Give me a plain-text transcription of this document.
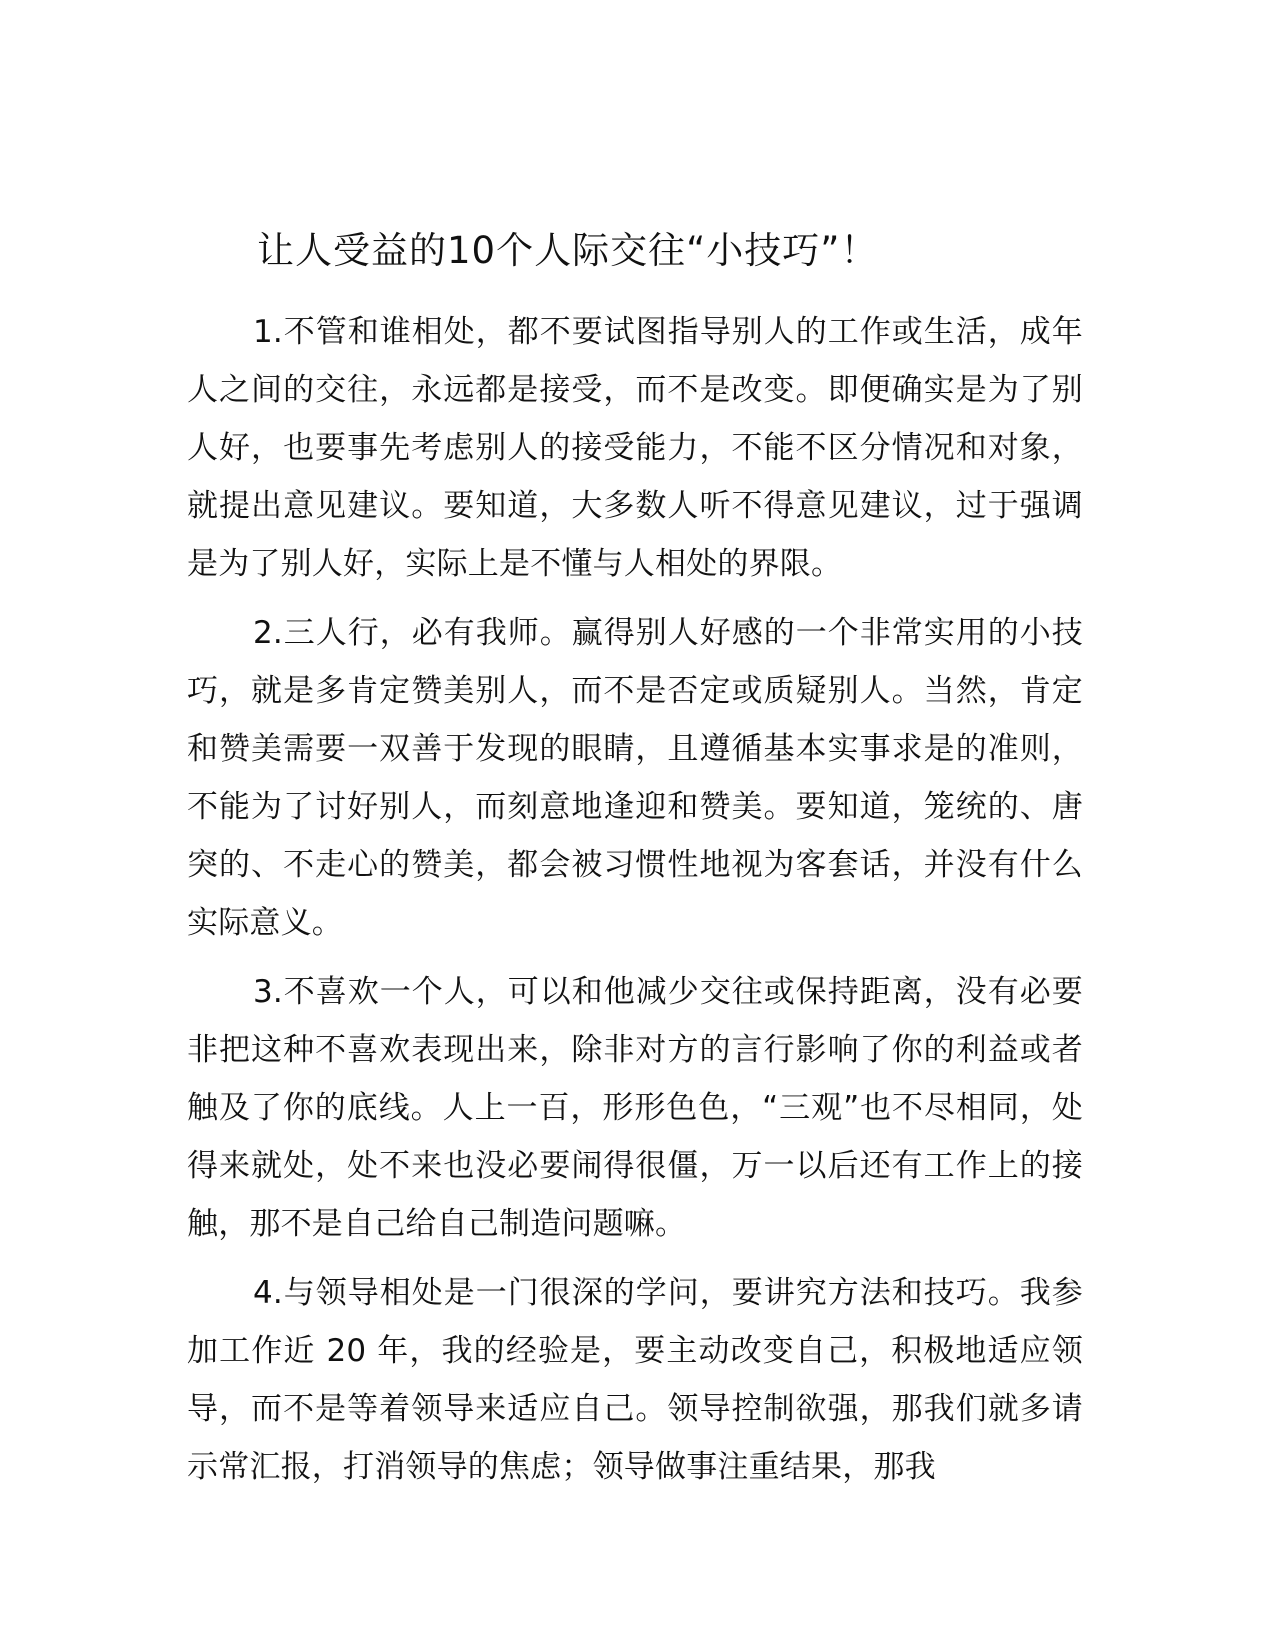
让人受益的10个人际交往“小技巧”！

1.不管和谁相处，都不要试图指导别人的工作或生活，成年人之间的交往，永远都是接受，而不是改变。即便确实是为了别人好，也要事先考虑别人的接受能力，不能不区分情况和对象，就提出意见建议。要知道，大多数人听不得意见建议，过于强调是为了别人好，实际上是不懂与人相处的界限。

2.三人行，必有我师。赢得别人好感的一个非常实用的小技巧，就是多肯定赞美别人，而不是否定或质疑别人。当然，肯定和赞美需要一双善于发现的眼睛，且遵循基本实事求是的准则，不能为了讨好别人，而刻意地逢迎和赞美。要知道，笼统的、唐突的、不走心的赞美，都会被习惯性地视为客套话，并没有什么实际意义。

3.不喜欢一个人，可以和他减少交往或保持距离，没有必要非把这种不喜欢表现出来，除非对方的言行影响了你的利益或者触及了你的底线。人上一百，形形色色，“三观”也不尽相同，处得来就处，处不来也没必要闹得很僵，万一以后还有工作上的接触，那不是自己给自己制造问题嘛。

4.与领导相处是一门很深的学问，要讲究方法和技巧。我参加工作近 20 年，我的经验是，要主动改变自己，积极地适应领导，而不是等着领导来适应自己。领导控制欲强，那我们就多请示常汇报，打消领导的焦虑；领导做事注重结果，那我
